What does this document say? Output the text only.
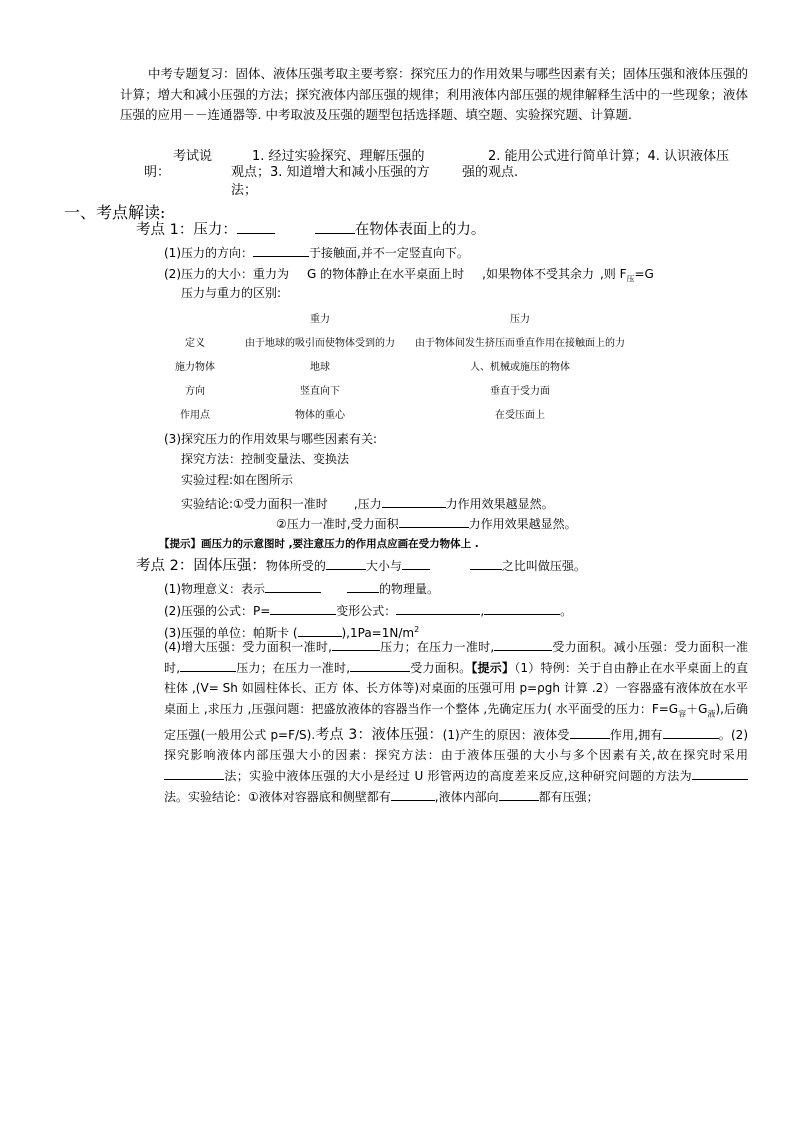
中考专题复习：固体、液体压强考取主要考察：探究压力的作用效果与哪些因素有关；固体压强和液体压强的计算；增大和减小压强的方法；探究液体内部压强的规律；利用液体内部压强的规律解释生活中的一些现象；液体压强的应用－－连通器等. 中考取波及压强的题型包括选择题、填空题、实验探究题、计算题.
考试说
明：
1. 经过实验探究、理解压强的
观点；3. 知道增大和减小压强的方
法；
2. 能用公式进行简单计算；4. 认识液体压
强的观点.
一、考点解读:
考点 1：压力：	在物体表面上的力。
(1)压力的方向：	于接触面,并不一定竖直向下。
(2)压力的大小：重力为 G 的物体静止在水平桌面上时 ,如果物体不受其余力 ,则 $F_压=G$
压力与重力的区别:
	重力	压力
定义	由于地球的吸引而使物体受到的力	由于物体间发生挤压而垂直作用在接触面上的力
施力物体	地球	人、机械或施压的物体
方向	竖直向下	垂直于受力面
作用点	物体的重心	在受压面上
(3)探究压力的作用效果与哪些因素有关:
探究方法：控制变量法、变换法
实验过程:如在图所示
实验结论:①受力面积一准时 ,压力	力作用效果越显然。
②压力一准时,受力面积	力作用效果越显然。
【提示】画压力的示意图时 ,要注意压力的作用点应画在受力物体上 .
考点 2：固体压强：物体所受的	大小与	之比叫做压强。
(1)物理意义：表示	的物理量。
(2)压强的公式：P=	变形公式：	,	。
(3)压强的单位：帕斯卡 (	)$,1Pa=1N/m^2$
(4)增大压强：受力面积一准时,	压力；在压力一准时,	受力面积。减小压强：受力面积一准时,	压力；在压力一准时,	受力面积。【提示】（1）特例：关于自由静止在水平桌面上的直柱体 ,(V= Sh 如圆柱体长、正方 体、长方体等)对桌面的压强可用 p=ρgh 计算 .2）一容器盛有液体放在水平桌面上 ,求压力 ,压强问题：把盛放液体的容器当作一个整体 ,先确定压力( 水平面受的压力：$F=G_容+G_液$),后确定压强(一般用公式 p=F/S).考点 3：液体压强：(1)产生的原因：液体受	作用,拥有	。(2)探究影响液体内部压强大小的因素：探究方法：由于液体压强的大小与多个因素有关,故在探究时采用法；实验中液体压强的大小是经过 U 形管两边的高度差来反应,这种研究问题的方法为法。实验结论：①液体对容器底和侧壁都有	,液体内部向	都有压强；
